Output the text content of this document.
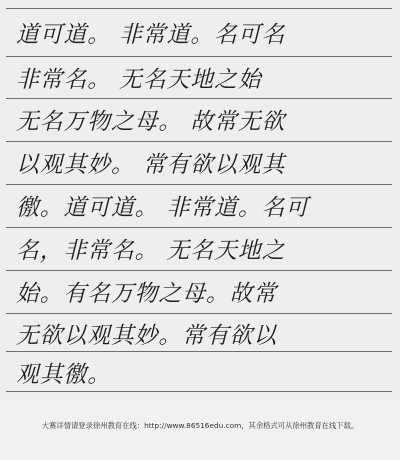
道可道。 非常道。名可名
非常名。 无名天地之始
无名万物之母。 故常无欲
以观其妙。 常有欲以观其
徼。道可道。 非常道。名可
名，非常名。 无名天地之
始。有名万物之母。故常
无欲以观其妙。常有欲以
观其徼。
大赛详情请登录徐州教育在线：http://www.86516edu.com，其余格式可从徐州教育在线下载。
